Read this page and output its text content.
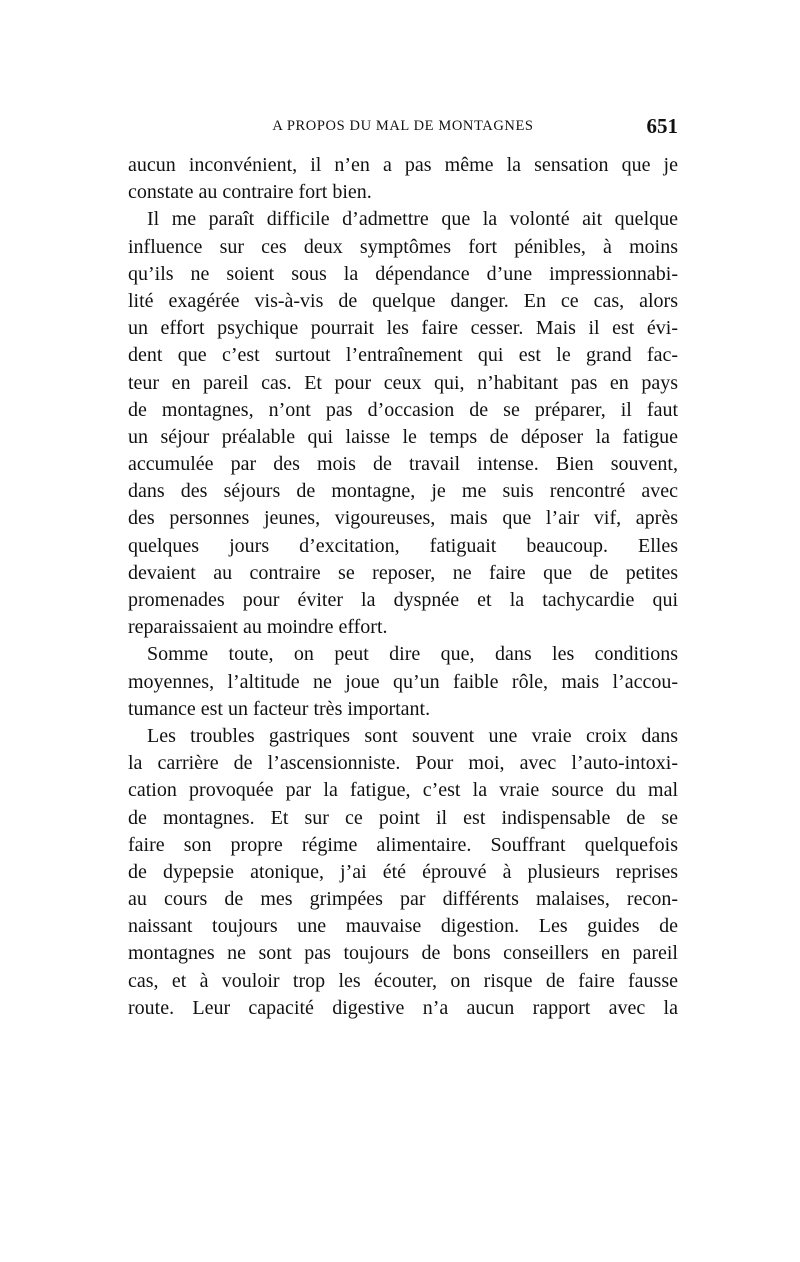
A PROPOS DU MAL DE MONTAGNES	651
aucun inconvénient, il n’en a pas même la sensation que je
constate au contraire fort bien.
Il me paraît difficile d’admettre que la volonté ait quelque
influence sur ces deux symptômes fort pénibles, à moins
qu’ils ne soient sous la dépendance d’une impressionnabi-
lité exagérée vis-à-vis de quelque danger. En ce cas, alors
un effort psychique pourrait les faire cesser. Mais il est évi-
dent que c’est surtout l’entraînement qui est le grand fac-
teur en pareil cas. Et pour ceux qui, n’habitant pas en pays
de montagnes, n’ont pas d’occasion de se préparer, il faut
un séjour préalable qui laisse le temps de déposer la fatigue
accumulée par des mois de travail intense. Bien souvent,
dans des séjours de montagne, je me suis rencontré avec
des personnes jeunes, vigoureuses, mais que l’air vif, après
quelques jours d’excitation, fatiguait beaucoup. Elles
devaient au contraire se reposer, ne faire que de petites
promenades pour éviter la dyspnée et la tachycardie qui
reparaissaient au moindre effort.
Somme toute, on peut dire que, dans les conditions
moyennes, l’altitude ne joue qu’un faible rôle, mais l’accou-
tumance est un facteur très important.
Les troubles gastriques sont souvent une vraie croix dans
la carrière de l’ascensionniste. Pour moi, avec l’auto-intoxi-
cation provoquée par la fatigue, c’est la vraie source du mal
de montagnes. Et sur ce point il est indispensable de se
faire son propre régime alimentaire. Souffrant quelquefois
de dypepsie atonique, j’ai été éprouvé à plusieurs reprises
au cours de mes grimpées par différents malaises, recon-
naissant toujours une mauvaise digestion. Les guides de
montagnes ne sont pas toujours de bons conseillers en pareil
cas, et à vouloir trop les écouter, on risque de faire fausse
route. Leur capacité digestive n’a aucun rapport avec la
